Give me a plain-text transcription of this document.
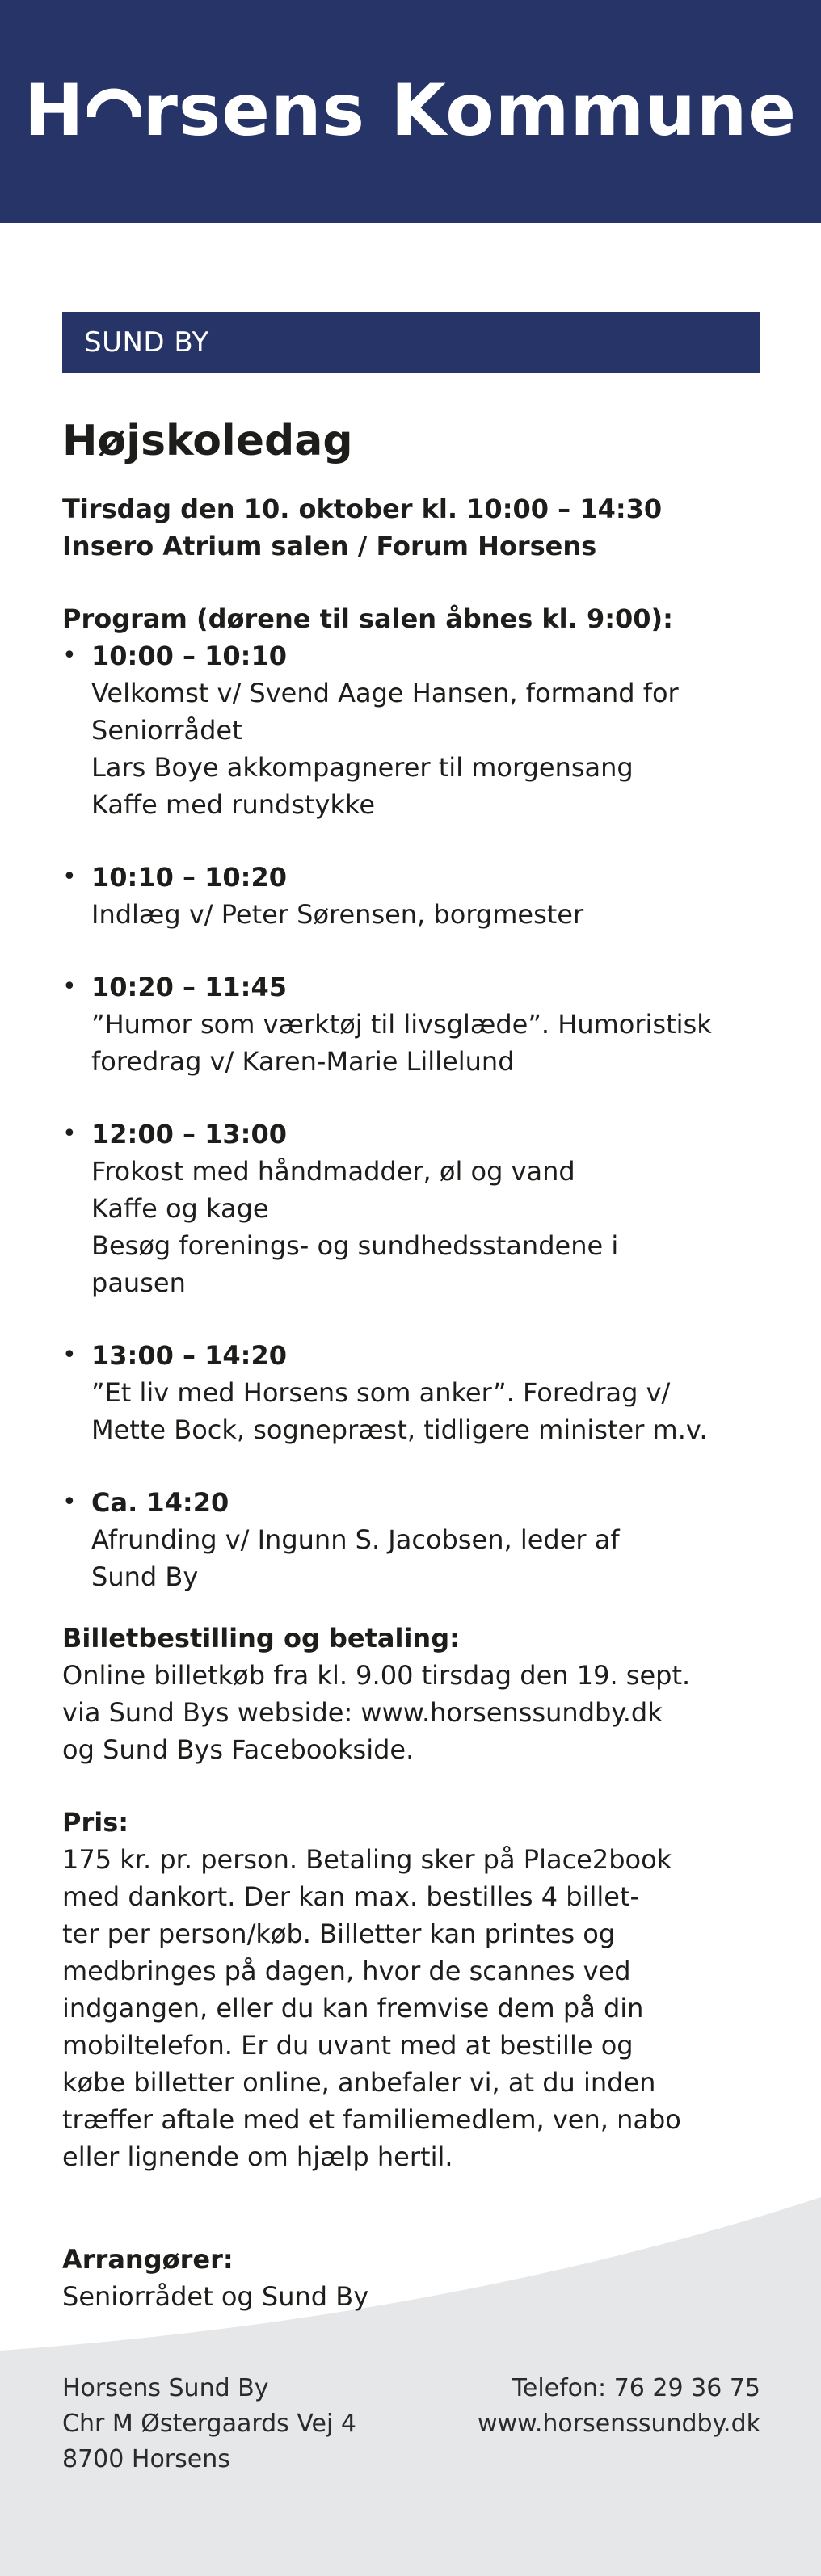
H rsens Kommune
SUND BY
Højskoledag
Tirsdag den 10. oktober kl. 10:00 – 14:30
Insero Atrium salen / Forum Horsens
Program (dørene til salen åbnes kl. 9:00):
• 10:00 – 10:10
Velkomst v/ Svend Aage Hansen, formand for
Seniorrådet
Lars Boye akkompagnerer til morgensang
Kaffe med rundstykke
• 10:10 – 10:20
Indlæg v/ Peter Sørensen, borgmester
• 10:20 – 11:45
”Humor som værktøj til livsglæde”. Humoristisk
foredrag v/ Karen-Marie Lillelund
• 12:00 – 13:00
Frokost med håndmadder, øl og vand
Kaffe og kage
Besøg forenings- og sundhedsstandene i
pausen
• 13:00 – 14:20
”Et liv med Horsens som anker”. Foredrag v/
Mette Bock, sognepræst, tidligere minister m.v.
• Ca. 14:20
Afrunding v/ Ingunn S. Jacobsen, leder af
Sund By
Billetbestilling og betaling:
Online billetkøb fra kl. 9.00 tirsdag den 19. sept.
via Sund Bys webside: www.horsenssundby.dk
og Sund Bys Facebookside.
Pris:
175 kr. pr. person. Betaling sker på Place2book
med dankort. Der kan max. bestilles 4 billet-
ter per person/køb. Billetter kan printes og
medbringes på dagen, hvor de scannes ved
indgangen, eller du kan fremvise dem på din
mobiltelefon. Er du uvant med at bestille og
købe billetter online, anbefaler vi, at du inden
træffer aftale med et familiemedlem, ven, nabo
eller lignende om hjælp hertil.
Arrangører:
Seniorrådet og Sund By
Horsens Sund By
Chr M Østergaards Vej 4
8700 Horsens
Telefon: 76 29 36 75
www.horsenssundby.dk
